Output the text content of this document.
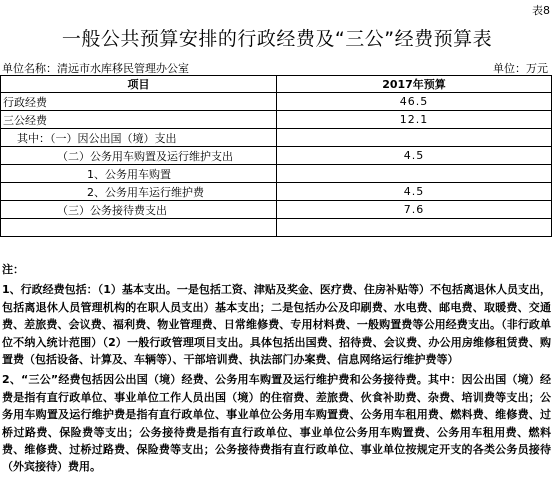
表8
一般公共预算安排的行政经费及“三公”经费预算表
单位名称：清远市水库移民管理办公室	单位：万元
项目	2017年预算
行政经费	46.5
三公经费	12.1
其中：（一）因公出国（境）支出	
（二）公务用车购置及运行维护支出	4.5
1、公务用车购置	
2、公务用车运行维护费	4.5
（三）公务接待费支出	7.6

注：

1、行政经费包括：（1）基本支出。一是包括工资、津贴及奖金、医疗费、住房补贴等）不包括离退休人员支出，包括离退休人员管理机构的在职人员支出）基本支出；二是包括办公及印刷费、水电费、邮电费、取暖费、交通费、差旅费、会议费、福利费、物业管理费、日常维修费、专用材料费、一般购置费等公用经费支出。（非行政单位不纳入统计范围）（2）一般行政管理项目支出。具体包括出国费、招待费、会议费、办公用房维修租赁费、购置费（包括设备、计算及、车辆等）、干部培训费、执法部门办案费、信息网络运行维护费等）

2、“三公”经费包括因公出国（境）经费、公务用车购置及运行维护费和公务接待费。其中：因公出国（境）经费是指有直行政单位、事业单位工作人员出国（境）的住宿费、差旅费、伙食补助费、杂费、培训费等支出；公务用车购置及运行维护费是指有直行政单位、事业单位公务用车购置费、公务用车租用费、燃料费、维修费、过桥过路费、保险费等支出；公务接待费是指有直行政单位、事业单位公务用车购置费、公务用车租用费、燃料费、维修费、过桥过路费、保险费等支出；公务接待费指有直行政单位、事业单位按规定开支的各类公务员接待（外宾接待）费用。
